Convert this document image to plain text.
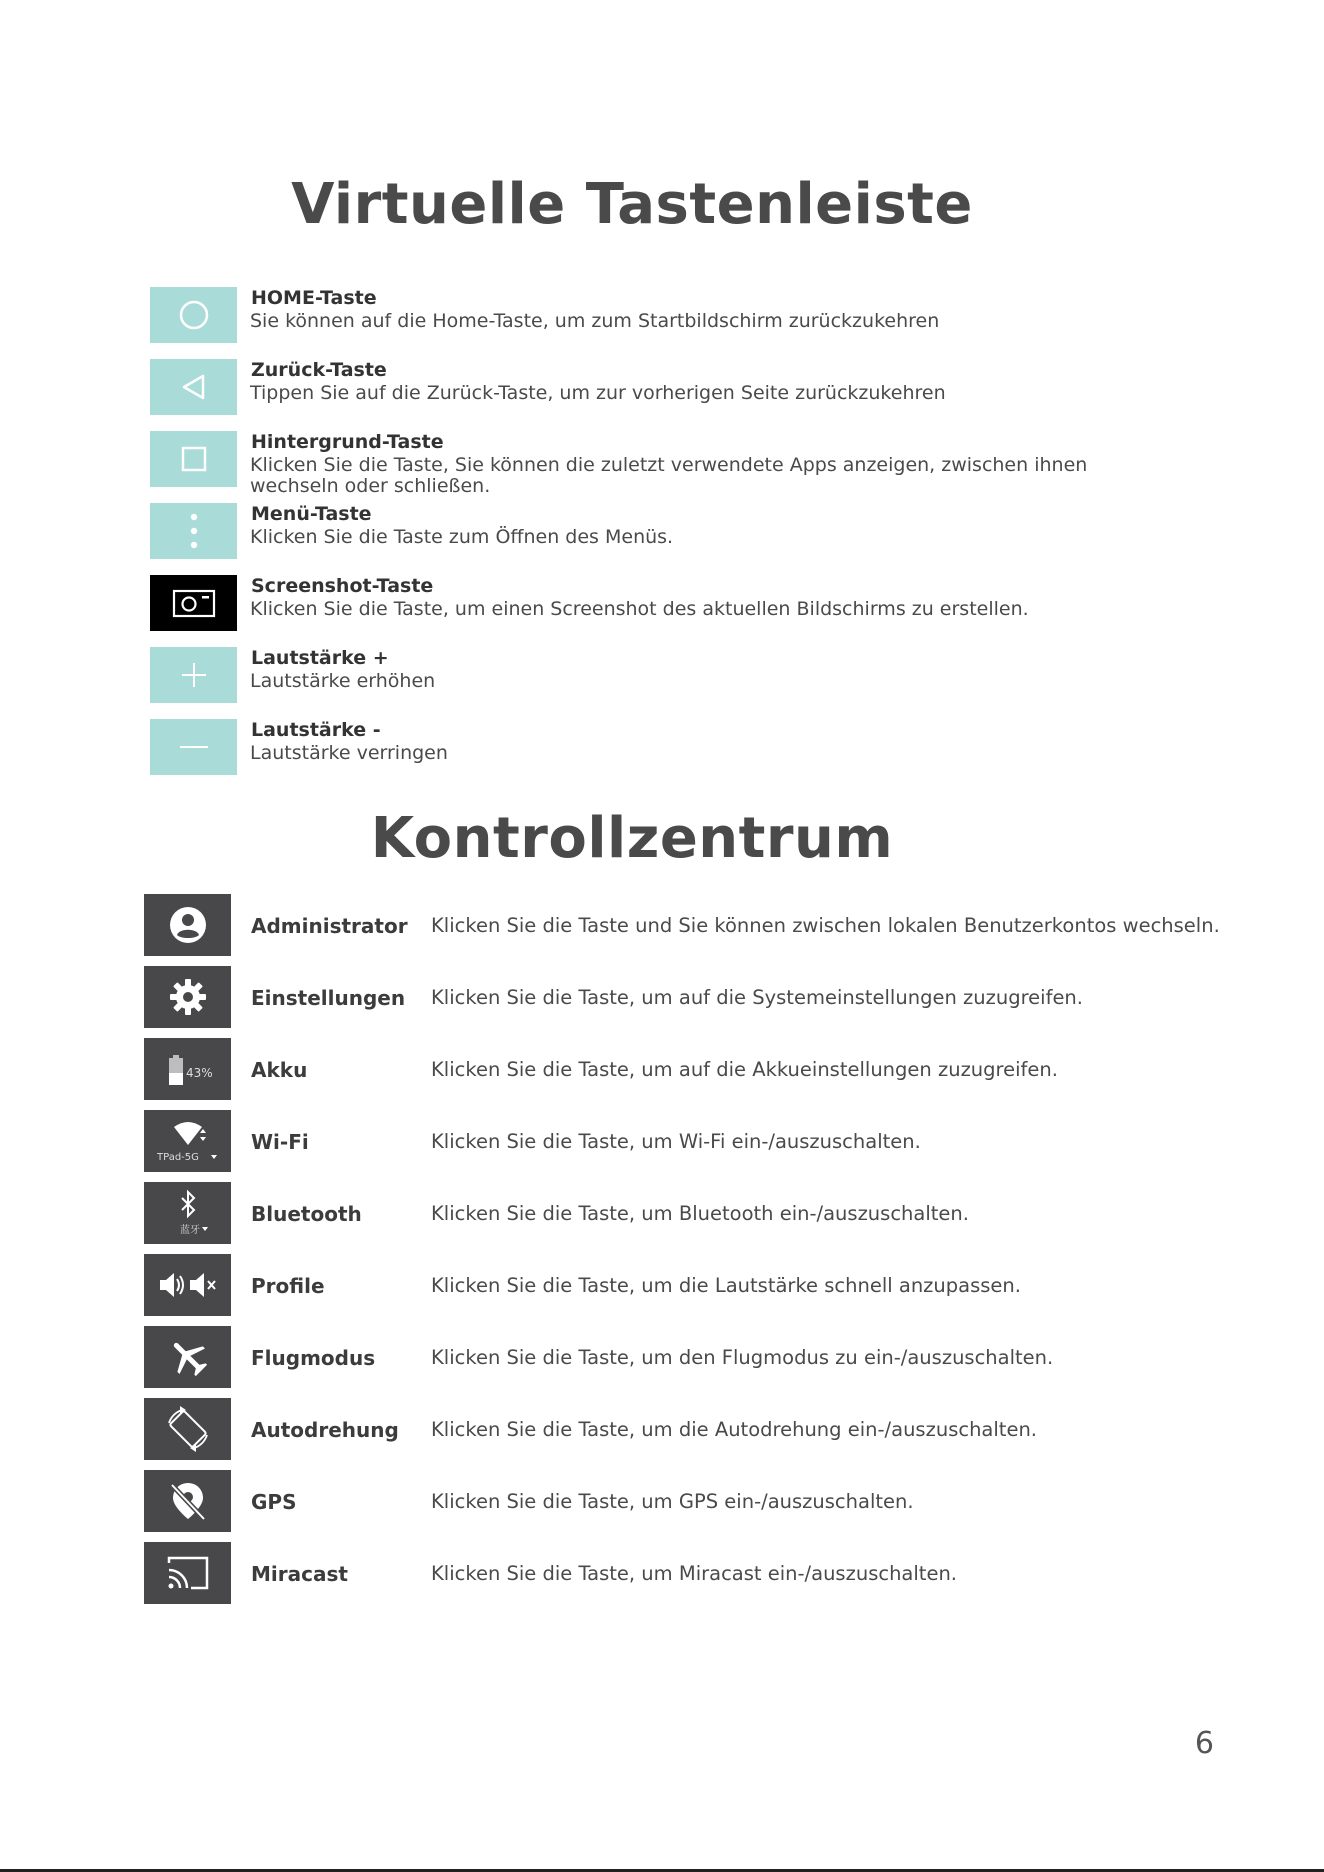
Virtuelle Tastenleiste
HOME-Taste
Sie können auf die Home-Taste, um zum Startbildschirm zurückzukehren
Zurück-Taste
Tippen Sie auf die Zurück-Taste, um zur vorherigen Seite zurückzukehren
Hintergrund-Taste
Klicken Sie die Taste, Sie können die zuletzt verwendete Apps anzeigen, zwischen ihnen wechseln oder schließen.
Menü-Taste
Klicken Sie die Taste zum Öffnen des Menüs.
Screenshot-Taste
Klicken Sie die Taste, um einen Screenshot des aktuellen Bildschirms zu erstellen.
Lautstärke +
Lautstärke erhöhen
Lautstärke -
Lautstärke verringen
Kontrollzentrum
Administrator Klicken Sie die Taste und Sie können zwischen lokalen Benutzerkontos wechseln.
Einstellungen Klicken Sie die Taste, um auf die Systemeinstellungen zuzugreifen.
43% Akku	Klicken Sie die Taste, um auf die Akkueinstellungen zuzugreifen.
TPad-5G
Wi-Fi	Klicken Sie die Taste, um Wi-Fi ein-/auszuschalten.
蓝牙
Bluetooth	Klicken Sie die Taste, um Bluetooth ein-/auszuschalten.
Profile	Klicken Sie die Taste, um die Lautstärke schnell anzupassen.
Flugmodus	Klicken Sie die Taste, um den Flugmodus zu ein-/auszuschalten.
Autodrehung Klicken Sie die Taste, um die Autodrehung ein-/auszuschalten.
GPS	Klicken Sie die Taste, um GPS ein-/auszuschalten.
Miracast	Klicken Sie die Taste, um Miracast ein-/auszuschalten.
6
